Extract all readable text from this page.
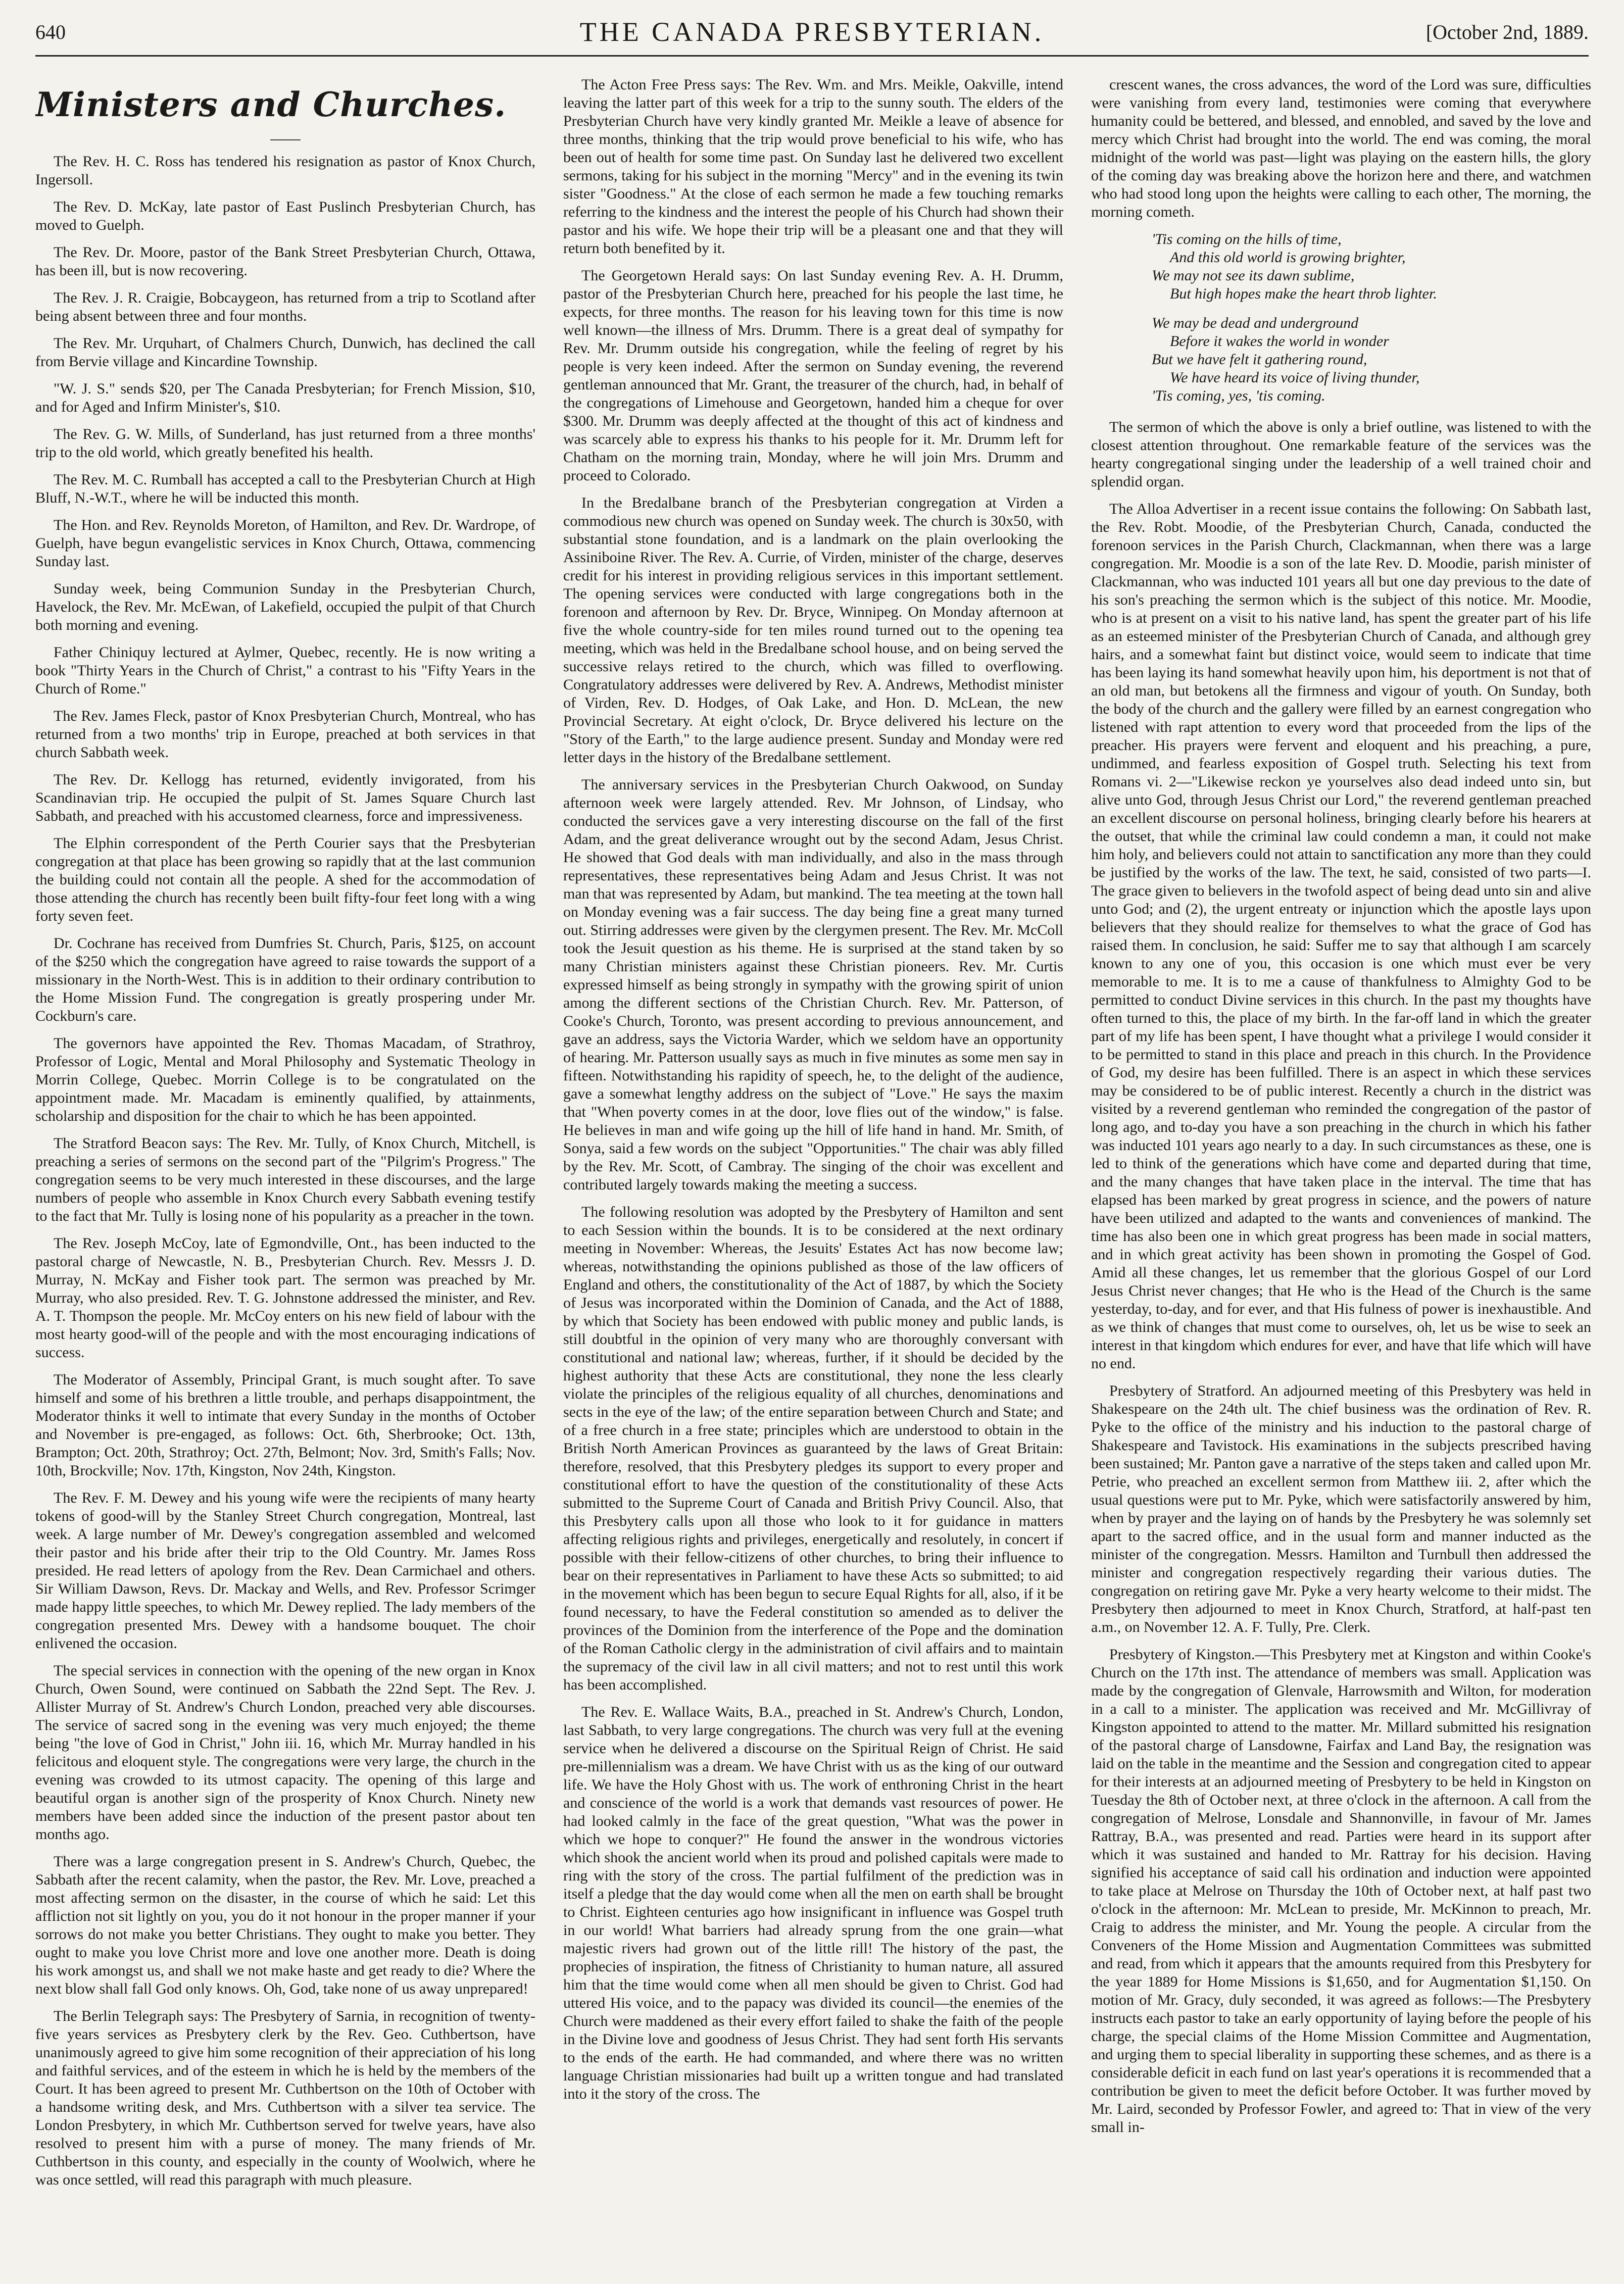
640	THE CANADA PRESBYTERIAN.	[October 2nd, 1889.
Ministers and Churches.

The Rev. H. C. Ross has tendered his resignation as pastor of Knox Church, Ingersoll.

The Rev. D. McKay, late pastor of East Puslinch Presbyterian Church, has moved to Guelph.

The Rev. Dr. Moore, pastor of the Bank Street Presbyterian Church, Ottawa, has been ill, but is now recovering.

The Rev. J. R. Craigie, Bobcaygeon, has returned from a trip to Scotland after being absent between three and four months.

The Rev. Mr. Urquhart, of Chalmers Church, Dunwich, has declined the call from Bervie village and Kincardine Township.

"W. J. S." sends $20, per The Canada Presbyterian; for French Mission, $10, and for Aged and Infirm Minister's, $10.

The Rev. G. W. Mills, of Sunderland, has just returned from a three months' trip to the old world, which greatly benefited his health.

The Rev. M. C. Rumball has accepted a call to the Presbyterian Church at High Bluff, N.-W.T., where he will be inducted this month.

The Hon. and Rev. Reynolds Moreton, of Hamilton, and Rev. Dr. Wardrope, of Guelph, have begun evangelistic services in Knox Church, Ottawa, commencing Sunday last.

Sunday week, being Communion Sunday in the Presbyterian Church, Havelock, the Rev. Mr. McEwan, of Lakefield, occupied the pulpit of that Church both morning and evening.

Father Chiniquy lectured at Aylmer, Quebec, recently. He is now writing a book "Thirty Years in the Church of Christ," a contrast to his "Fifty Years in the Church of Rome."

The Rev. James Fleck, pastor of Knox Presbyterian Church, Montreal, who has returned from a two months' trip in Europe, preached at both services in that church Sabbath week.

The Rev. Dr. Kellogg has returned, evidently invigorated, from his Scandinavian trip. He occupied the pulpit of St. James Square Church last Sabbath, and preached with his accustomed clearness, force and impressiveness.

The Elphin correspondent of the Perth Courier says that the Presbyterian congregation at that place has been growing so rapidly that at the last communion the building could not contain all the people. A shed for the accommodation of those attending the church has recently been built fifty-four feet long with a wing forty seven feet.

Dr. Cochrane has received from Dumfries St. Church, Paris, $125, on account of the $250 which the congregation have agreed to raise towards the support of a missionary in the North-West. This is in addition to their ordinary contribution to the Home Mission Fund. The congregation is greatly prospering under Mr. Cockburn's care.

The governors have appointed the Rev. Thomas Macadam, of Strathroy, Professor of Logic, Mental and Moral Philosophy and Systematic Theology in Morrin College, Quebec. Morrin College is to be congratulated on the appointment made. Mr. Macadam is eminently qualified, by attainments, scholarship and disposition for the chair to which he has been appointed.

The Stratford Beacon says: The Rev. Mr. Tully, of Knox Church, Mitchell, is preaching a series of sermons on the second part of the "Pilgrim's Progress." The congregation seems to be very much interested in these discourses, and the large numbers of people who assemble in Knox Church every Sabbath evening testify to the fact that Mr. Tully is losing none of his popularity as a preacher in the town.

The Rev. Joseph McCoy, late of Egmondville, Ont., has been inducted to the pastoral charge of Newcastle, N. B., Presbyterian Church. Rev. Messrs J. D. Murray, N. McKay and Fisher took part. The sermon was preached by Mr. Murray, who also presided. Rev. T. G. Johnstone addressed the minister, and Rev. A. T. Thompson the people. Mr. McCoy enters on his new field of labour with the most hearty good-will of the people and with the most encouraging indications of success.

The Moderator of Assembly, Principal Grant, is much sought after. To save himself and some of his brethren a little trouble, and perhaps disappointment, the Moderator thinks it well to intimate that every Sunday in the months of October and November is pre-engaged, as follows: Oct. 6th, Sherbrooke; Oct. 13th, Brampton; Oct. 20th, Strathroy; Oct. 27th, Belmont; Nov. 3rd, Smith's Falls; Nov. 10th, Brockville; Nov. 17th, Kingston, Nov 24th, Kingston.

The Rev. F. M. Dewey and his young wife were the recipients of many hearty tokens of good-will by the Stanley Street Church congregation, Montreal, last week. A large number of Mr. Dewey's congregation assembled and welcomed their pastor and his bride after their trip to the Old Country. Mr. James Ross presided. He read letters of apology from the Rev. Dean Carmichael and others. Sir William Dawson, Revs. Dr. Mackay and Wells, and Rev. Professor Scrimger made happy little speeches, to which Mr. Dewey replied. The lady members of the congregation presented Mrs. Dewey with a handsome bouquet. The choir enlivened the occasion.

The special services in connection with the opening of the new organ in Knox Church, Owen Sound, were continued on Sabbath the 22nd Sept. The Rev. J. Allister Murray of St. Andrew's Church London, preached very able discourses. The service of sacred song in the evening was very much enjoyed; the theme being "the love of God in Christ," John iii. 16, which Mr. Murray handled in his felicitous and eloquent style. The congregations were very large, the church in the evening was crowded to its utmost capacity. The opening of this large and beautiful organ is another sign of the prosperity of Knox Church. Ninety new members have been added since the induction of the present pastor about ten months ago.

There was a large congregation present in S. Andrew's Church, Quebec, the Sabbath after the recent calamity, when the pastor, the Rev. Mr. Love, preached a most affecting sermon on the disaster, in the course of which he said: Let this affliction not sit lightly on you, you do it not honour in the proper manner if your sorrows do not make you better Christians. They ought to make you better. They ought to make you love Christ more and love one another more. Death is doing his work amongst us, and shall we not make haste and get ready to die? Where the next blow shall fall God only knows. Oh, God, take none of us away unprepared!

The Berlin Telegraph says: The Presbytery of Sarnia, in recognition of twenty-five years services as Presbytery clerk by the Rev. Geo. Cuthbertson, have unanimously agreed to give him some recognition of their appreciation of his long and faithful services, and of the esteem in which he is held by the members of the Court. It has been agreed to present Mr. Cuthbertson on the 10th of October with a handsome writing desk, and Mrs. Cuthbertson with a silver tea service. The London Presbytery, in which Mr. Cuthbertson served for twelve years, have also resolved to present him with a purse of money. The many friends of Mr. Cuthbertson in this county, and especially in the county of Woolwich, where he was once settled, will read this paragraph with much pleasure.

The Acton Free Press says: The Rev. Wm. and Mrs. Meikle, Oakville, intend leaving the latter part of this week for a trip to the sunny south. The elders of the Presbyterian Church have very kindly granted Mr. Meikle a leave of absence for three months, thinking that the trip would prove beneficial to his wife, who has been out of health for some time past. On Sunday last he delivered two excellent sermons, taking for his subject in the morning "Mercy" and in the evening its twin sister "Goodness." At the close of each sermon he made a few touching remarks referring to the kindness and the interest the people of his Church had shown their pastor and his wife. We hope their trip will be a pleasant one and that they will return both benefited by it.

The Georgetown Herald says: On last Sunday evening Rev. A. H. Drumm, pastor of the Presbyterian Church here, preached for his people the last time, he expects, for three months. The reason for his leaving town for this time is now well known—the illness of Mrs. Drumm. There is a great deal of sympathy for Rev. Mr. Drumm outside his congregation, while the feeling of regret by his people is very keen indeed. After the sermon on Sunday evening, the reverend gentleman announced that Mr. Grant, the treasurer of the church, had, in behalf of the congregations of Limehouse and Georgetown, handed him a cheque for over $300. Mr. Drumm was deeply affected at the thought of this act of kindness and was scarcely able to express his thanks to his people for it. Mr. Drumm left for Chatham on the morning train, Monday, where he will join Mrs. Drumm and proceed to Colorado.

In the Bredalbane branch of the Presbyterian congregation at Virden a commodious new church was opened on Sunday week. The church is 30x50, with substantial stone foundation, and is a landmark on the plain overlooking the Assiniboine River. The Rev. A. Currie, of Virden, minister of the charge, deserves credit for his interest in providing religious services in this important settlement. The opening services were conducted with large congregations both in the forenoon and afternoon by Rev. Dr. Bryce, Winnipeg. On Monday afternoon at five the whole country-side for ten miles round turned out to the opening tea meeting, which was held in the Bredalbane school house, and on being served the successive relays retired to the church, which was filled to overflowing. Congratulatory addresses were delivered by Rev. A. Andrews, Methodist minister of Virden, Rev. D. Hodges, of Oak Lake, and Hon. D. McLean, the new Provincial Secretary. At eight o'clock, Dr. Bryce delivered his lecture on the "Story of the Earth," to the large audience present. Sunday and Monday were red letter days in the history of the Bredalbane settlement.

The anniversary services in the Presbyterian Church Oakwood, on Sunday afternoon week were largely attended. Rev. Mr Johnson, of Lindsay, who conducted the services gave a very interesting discourse on the fall of the first Adam, and the great deliverance wrought out by the second Adam, Jesus Christ. He showed that God deals with man individually, and also in the mass through representatives, these representatives being Adam and Jesus Christ. It was not man that was represented by Adam, but mankind. The tea meeting at the town hall on Monday evening was a fair success. The day being fine a great many turned out. Stirring addresses were given by the clergymen present. The Rev. Mr. McColl took the Jesuit question as his theme. He is surprised at the stand taken by so many Christian ministers against these Christian pioneers. Rev. Mr. Curtis expressed himself as being strongly in sympathy with the growing spirit of union among the different sections of the Christian Church. Rev. Mr. Patterson, of Cooke's Church, Toronto, was present according to previous announcement, and gave an address, says the Victoria Warder, which we seldom have an opportunity of hearing. Mr. Patterson usually says as much in five minutes as some men say in fifteen. Notwithstanding his rapidity of speech, he, to the delight of the audience, gave a somewhat lengthy address on the subject of "Love." He says the maxim that "When poverty comes in at the door, love flies out of the window," is false. He believes in man and wife going up the hill of life hand in hand. Mr. Smith, of Sonya, said a few words on the subject "Opportunities." The chair was ably filled by the Rev. Mr. Scott, of Cambray. The singing of the choir was excellent and contributed largely towards making the meeting a success.

The following resolution was adopted by the Presbytery of Hamilton and sent to each Session within the bounds. It is to be considered at the next ordinary meeting in November: Whereas, the Jesuits' Estates Act has now become law; whereas, notwithstanding the opinions published as those of the law officers of England and others, the constitutionality of the Act of 1887, by which the Society of Jesus was incorporated within the Dominion of Canada, and the Act of 1888, by which that Society has been endowed with public money and public lands, is still doubtful in the opinion of very many who are thoroughly conversant with constitutional and national law; whereas, further, if it should be decided by the highest authority that these Acts are constitutional, they none the less clearly violate the principles of the religious equality of all churches, denominations and sects in the eye of the law; of the entire separation between Church and State; and of a free church in a free state; principles which are understood to obtain in the British North American Provinces as guaranteed by the laws of Great Britain: therefore, resolved, that this Presbytery pledges its support to every proper and constitutional effort to have the question of the constitutionality of these Acts submitted to the Supreme Court of Canada and British Privy Council. Also, that this Presbytery calls upon all those who look to it for guidance in matters affecting religious rights and privileges, energetically and resolutely, in concert if possible with their fellow-citizens of other churches, to bring their influence to bear on their representatives in Parliament to have these Acts so submitted; to aid in the movement which has been begun to secure Equal Rights for all, also, if it be found necessary, to have the Federal constitution so amended as to deliver the provinces of the Dominion from the interference of the Pope and the domination of the Roman Catholic clergy in the administration of civil affairs and to maintain the supremacy of the civil law in all civil matters; and not to rest until this work has been accomplished.

The Rev. E. Wallace Waits, B.A., preached in St. Andrew's Church, London, last Sabbath, to very large congregations. The church was very full at the evening service when he delivered a discourse on the Spiritual Reign of Christ. He said pre-millennialism was a dream. We have Christ with us as the king of our outward life. We have the Holy Ghost with us. The work of enthroning Christ in the heart and conscience of the world is a work that demands vast resources of power. He had looked calmly in the face of the great question, "What was the power in which we hope to conquer?" He found the answer in the wondrous victories which shook the ancient world when its proud and polished capitals were made to ring with the story of the cross. The partial fulfilment of the prediction was in itself a pledge that the day would come when all the men on earth shall be brought to Christ. Eighteen centuries ago how insignificant in influence was Gospel truth in our world! What barriers had already sprung from the one grain—what majestic rivers had grown out of the little rill! The history of the past, the prophecies of inspiration, the fitness of Christianity to human nature, all assured him that the time would come when all men should be given to Christ. God had uttered His voice, and to the papacy was divided its council—the enemies of the Church were maddened as their every effort failed to shake the faith of the people in the Divine love and goodness of Jesus Christ. They had sent forth His servants to the ends of the earth. He had commanded, and where there was no written language Christian missionaries had built up a written tongue and had translated into it the story of the cross. The

crescent wanes, the cross advances, the word of the Lord was sure, difficulties were vanishing from every land, testimonies were coming that everywhere humanity could be bettered, and blessed, and ennobled, and saved by the love and mercy which Christ had brought into the world. The end was coming, the moral midnight of the world was past—light was playing on the eastern hills, the glory of the coming day was breaking above the horizon here and there, and watchmen who had stood long upon the heights were calling to each other, The morning, the morning cometh.

'Tis coming on the hills of time,
And this old world is growing brighter,
We may not see its dawn sublime,
But high hopes make the heart throb lighter.
We may be dead and underground
Before it wakes the world in wonder
But we have felt it gathering round,
We have heard its voice of living thunder,
'Tis coming, yes, 'tis coming.

The sermon of which the above is only a brief outline, was listened to with the closest attention throughout. One remarkable feature of the services was the hearty congregational singing under the leadership of a well trained choir and splendid organ.

The Alloa Advertiser in a recent issue contains the following: On Sabbath last, the Rev. Robt. Moodie, of the Presbyterian Church, Canada, conducted the forenoon services in the Parish Church, Clackmannan, when there was a large congregation. Mr. Moodie is a son of the late Rev. D. Moodie, parish minister of Clackmannan, who was inducted 101 years all but one day previous to the date of his son's preaching the sermon which is the subject of this notice. Mr. Moodie, who is at present on a visit to his native land, has spent the greater part of his life as an esteemed minister of the Presbyterian Church of Canada, and although grey hairs, and a somewhat faint but distinct voice, would seem to indicate that time has been laying its hand somewhat heavily upon him, his deportment is not that of an old man, but betokens all the firmness and vigour of youth. On Sunday, both the body of the church and the gallery were filled by an earnest congregation who listened with rapt attention to every word that proceeded from the lips of the preacher. His prayers were fervent and eloquent and his preaching, a pure, undimmed, and fearless exposition of Gospel truth. Selecting his text from Romans vi. 2—"Likewise reckon ye yourselves also dead indeed unto sin, but alive unto God, through Jesus Christ our Lord," the reverend gentleman preached an excellent discourse on personal holiness, bringing clearly before his hearers at the outset, that while the criminal law could condemn a man, it could not make him holy, and believers could not attain to sanctification any more than they could be justified by the works of the law. The text, he said, consisted of two parts—I. The grace given to believers in the twofold aspect of being dead unto sin and alive unto God; and (2), the urgent entreaty or injunction which the apostle lays upon believers that they should realize for themselves to what the grace of God has raised them. In conclusion, he said: Suffer me to say that although I am scarcely known to any one of you, this occasion is one which must ever be very memorable to me. It is to me a cause of thankfulness to Almighty God to be permitted to conduct Divine services in this church. In the past my thoughts have often turned to this, the place of my birth. In the far-off land in which the greater part of my life has been spent, I have thought what a privilege I would consider it to be permitted to stand in this place and preach in this church. In the Providence of God, my desire has been fulfilled. There is an aspect in which these services may be considered to be of public interest. Recently a church in the district was visited by a reverend gentleman who reminded the congregation of the pastor of long ago, and to-day you have a son preaching in the church in which his father was inducted 101 years ago nearly to a day. In such circumstances as these, one is led to think of the generations which have come and departed during that time, and the many changes that have taken place in the interval. The time that has elapsed has been marked by great progress in science, and the powers of nature have been utilized and adapted to the wants and conveniences of mankind. The time has also been one in which great progress has been made in social matters, and in which great activity has been shown in promoting the Gospel of God. Amid all these changes, let us remember that the glorious Gospel of our Lord Jesus Christ never changes; that He who is the Head of the Church is the same yesterday, to-day, and for ever, and that His fulness of power is inexhaustible. And as we think of changes that must come to ourselves, oh, let us be wise to seek an interest in that kingdom which endures for ever, and have that life which will have no end.

Presbytery of Stratford. An adjourned meeting of this Presbytery was held in Shakespeare on the 24th ult. The chief business was the ordination of Rev. R. Pyke to the office of the ministry and his induction to the pastoral charge of Shakespeare and Tavistock. His examinations in the subjects prescribed having been sustained; Mr. Panton gave a narrative of the steps taken and called upon Mr. Petrie, who preached an excellent sermon from Matthew iii. 2, after which the usual questions were put to Mr. Pyke, which were satisfactorily answered by him, when by prayer and the laying on of hands by the Presbytery he was solemnly set apart to the sacred office, and in the usual form and manner inducted as the minister of the congregation. Messrs. Hamilton and Turnbull then addressed the minister and congregation respectively regarding their various duties. The congregation on retiring gave Mr. Pyke a very hearty welcome to their midst. The Presbytery then adjourned to meet in Knox Church, Stratford, at half-past ten a.m., on November 12. A. F. Tully, Pre. Clerk.

Presbytery of Kingston.—This Presbytery met at Kingston and within Cooke's Church on the 17th inst. The attendance of members was small. Application was made by the congregation of Glenvale, Harrowsmith and Wilton, for moderation in a call to a minister. The application was received and Mr. McGillivray of Kingston appointed to attend to the matter. Mr. Millard submitted his resignation of the pastoral charge of Lansdowne, Fairfax and Land Bay, the resignation was laid on the table in the meantime and the Session and congregation cited to appear for their interests at an adjourned meeting of Presbytery to be held in Kingston on Tuesday the 8th of October next, at three o'clock in the afternoon. A call from the congregation of Melrose, Lonsdale and Shannonville, in favour of Mr. James Rattray, B.A., was presented and read. Parties were heard in its support after which it was sustained and handed to Mr. Rattray for his decision. Having signified his acceptance of said call his ordination and induction were appointed to take place at Melrose on Thursday the 10th of October next, at half past two o'clock in the afternoon: Mr. McLean to preside, Mr. McKinnon to preach, Mr. Craig to address the minister, and Mr. Young the people. A circular from the Conveners of the Home Mission and Augmentation Committees was submitted and read, from which it appears that the amounts required from this Presbytery for the year 1889 for Home Missions is $1,650, and for Augmentation $1,150. On motion of Mr. Gracy, duly seconded, it was agreed as follows:—The Presbytery instructs each pastor to take an early opportunity of laying before the people of his charge, the special claims of the Home Mission Committee and Augmentation, and urging them to special liberality in supporting these schemes, and as there is a considerable deficit in each fund on last year's operations it is recommended that a contribution be given to meet the deficit before October. It was further moved by Mr. Laird, seconded by Professor Fowler, and agreed to: That in view of the very small in-
